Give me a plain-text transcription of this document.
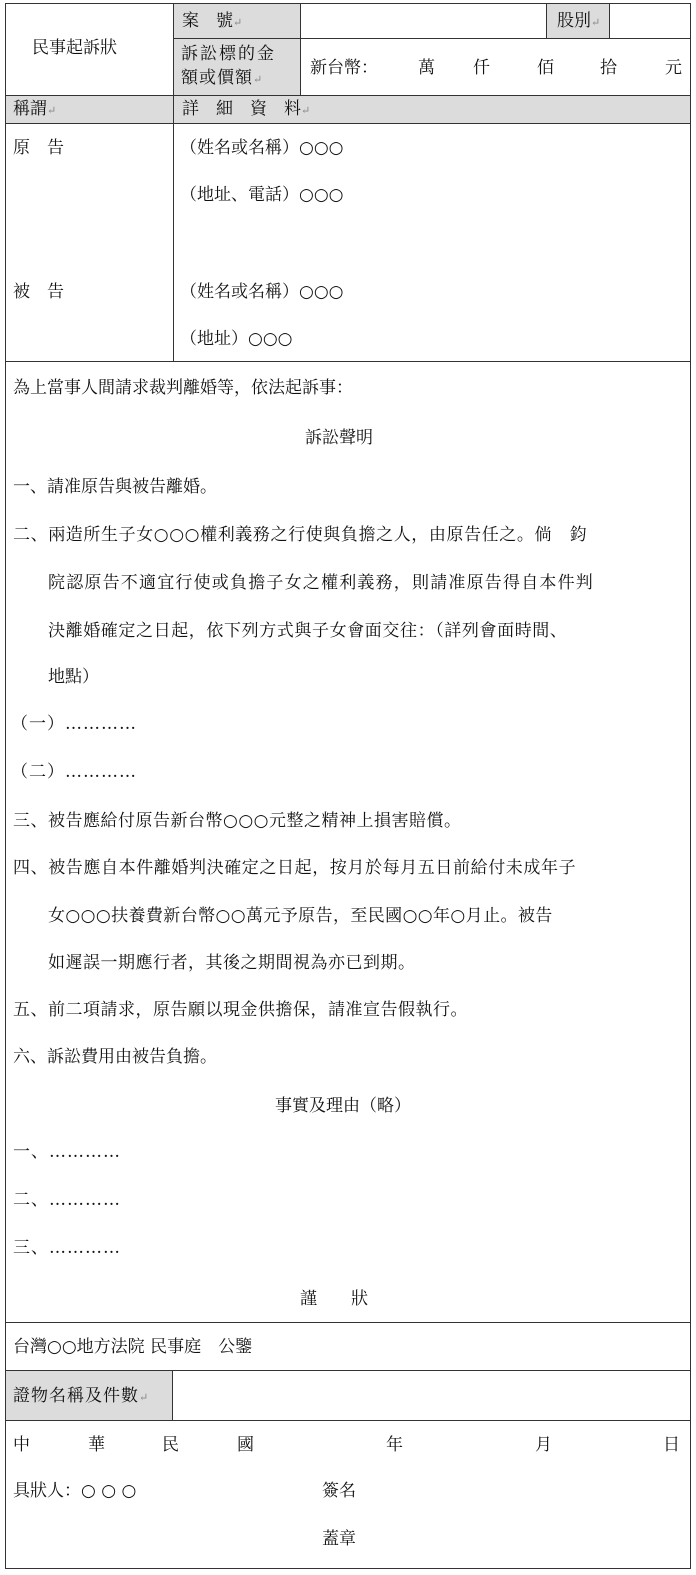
民事起訴狀
案　號↵	股別↵
訴訟標的金
額或價額↵
新台幣： 萬 仟	佰	拾	元
稱謂↵	詳　細　資　料↵
原　告	（姓名或名稱）○○○
（地址、電話）○○○
被　告	（姓名或名稱）○○○
（地址）○○○
為上當事人間請求裁判離婚等，依法起訴事：
訴訟聲明
一、請准原告與被告離婚。
二、兩造所生子女○○○權利義務之行使與負擔之人，由原告任之。倘　鈞
院認原告不適宜行使或負擔子女之權利義務，則請准原告得自本件判
決離婚確定之日起，依下列方式與子女會面交往：（詳列會面時間、
地點）
（一）…………
（二）…………
三、被告應給付原告新台幣○○○元整之精神上損害賠償。
四、被告應自本件離婚判決確定之日起，按月於每月五日前給付未成年子
女○○○扶養費新台幣○○萬元予原告，至民國○○年○月止。被告
如遲誤一期應行者，其後之期間視為亦已到期。
五、前二項請求，原告願以現金供擔保，請准宣告假執行。
六、訴訟費用由被告負擔。
事實及理由（略）
一、…………
二、…………
三、…………
謹　　狀
台灣○○地方法院 民事庭　公鑒
證物名稱及件數↵
中	華	民	國	年	月	日
具狀人：○ ○ ○	簽名
蓋章
